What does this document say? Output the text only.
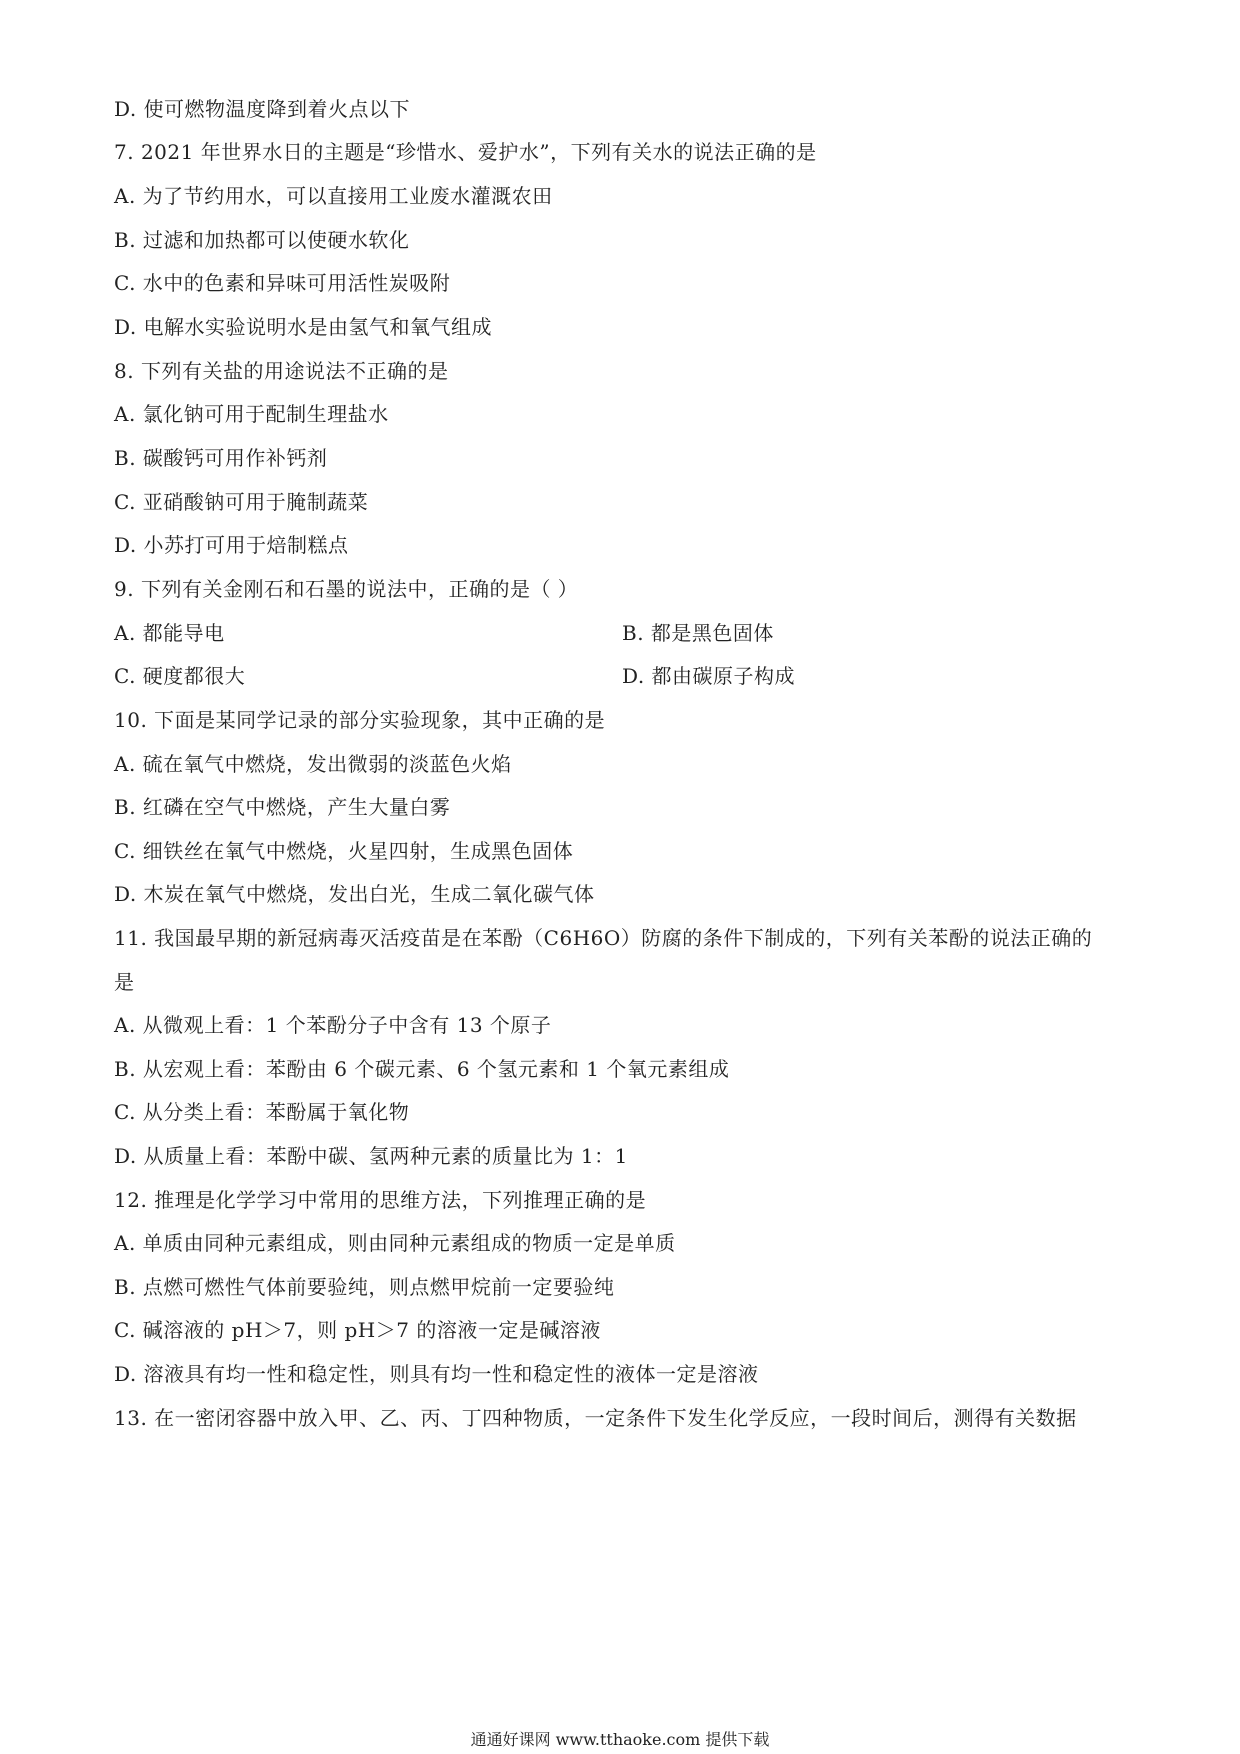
D. 使可燃物温度降到着火点以下
7. 2021 年世界水日的主题是“珍惜水、爱护水”，下列有关水的说法正确的是
A. 为了节约用水，可以直接用工业废水灌溉农田
B. 过滤和加热都可以使硬水软化
C. 水中的色素和异味可用活性炭吸附
D. 电解水实验说明水是由氢气和氧气组成
8. 下列有关盐的用途说法不正确的是
A. 氯化钠可用于配制生理盐水
B. 碳酸钙可用作补钙剂
C. 亚硝酸钠可用于腌制蔬菜
D. 小苏打可用于焙制糕点
9. 下列有关金刚石和石墨的说法中，正确的是（ ）
A. 都能导电	B. 都是黑色固体
C. 硬度都很大	D. 都由碳原子构成
10. 下面是某同学记录的部分实验现象，其中正确的是
A. 硫在氧气中燃烧，发出微弱的淡蓝色火焰
B. 红磷在空气中燃烧，产生大量白雾
C. 细铁丝在氧气中燃烧，火星四射，生成黑色固体
D. 木炭在氧气中燃烧，发出白光，生成二氧化碳气体
11. 我国最早期的新冠病毒灭活疫苗是在苯酚（C6H6O）防腐的条件下制成的，下列有关苯酚的说法正确的
是
A. 从微观上看：1 个苯酚分子中含有 13 个原子
B. 从宏观上看：苯酚由 6 个碳元素、6 个氢元素和 1 个氧元素组成
C. 从分类上看：苯酚属于氧化物
D. 从质量上看：苯酚中碳、氢两种元素的质量比为 1：1
12. 推理是化学学习中常用的思维方法，下列推理正确的是
A. 单质由同种元素组成，则由同种元素组成的物质一定是单质
B. 点燃可燃性气体前要验纯，则点燃甲烷前一定要验纯
C. 碱溶液的 pH＞7，则 pH＞7 的溶液一定是碱溶液
D. 溶液具有均一性和稳定性，则具有均一性和稳定性的液体一定是溶液
13. 在一密闭容器中放入甲、乙、丙、丁四种物质，一定条件下发生化学反应，一段时间后，测得有关数据
通通好课网 www.tthaoke.com 提供下载
